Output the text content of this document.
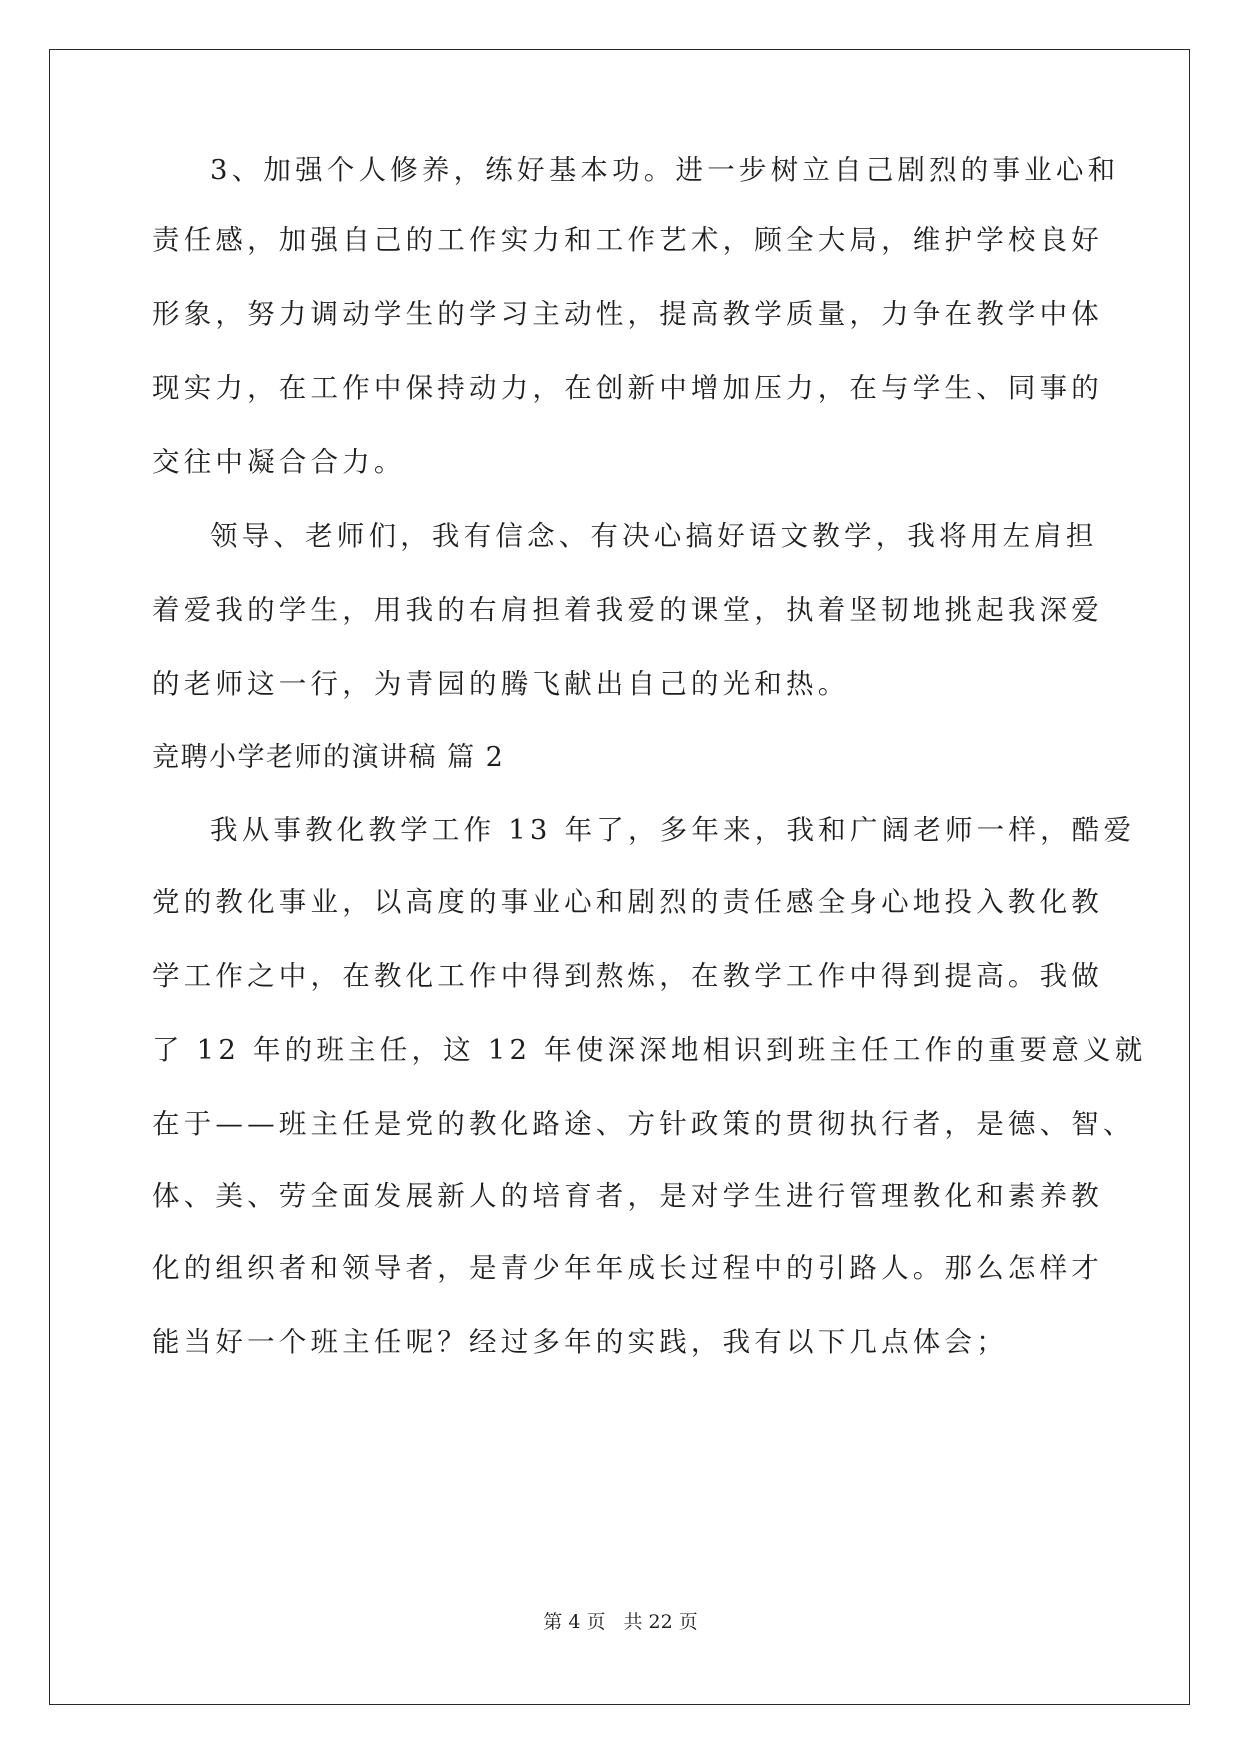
3、加强个人修养，练好基本功。进一步树立自己剧烈的事业心和
责任感，加强自己的工作实力和工作艺术，顾全大局，维护学校良好
形象，努力调动学生的学习主动性，提高教学质量，力争在教学中体
现实力，在工作中保持动力，在创新中增加压力，在与学生、同事的
交往中凝合合力。
领导、老师们，我有信念、有决心搞好语文教学，我将用左肩担
着爱我的学生，用我的右肩担着我爱的课堂，执着坚韧地挑起我深爱
的老师这一行，为青园的腾飞献出自己的光和热。
竞聘小学老师的演讲稿 篇 2
我从事教化教学工作 13 年了，多年来，我和广阔老师一样，酷爱
党的教化事业，以高度的事业心和剧烈的责任感全身心地投入教化教
学工作之中，在教化工作中得到熬炼，在教学工作中得到提高。我做
了 12 年的班主任，这 12 年使深深地相识到班主任工作的重要意义就
在于——班主任是党的教化路途、方针政策的贯彻执行者，是德、智、
体、美、劳全面发展新人的培育者，是对学生进行管理教化和素养教
化的组织者和领导者，是青少年年成长过程中的引路人。那么怎样才
能当好一个班主任呢？经过多年的实践，我有以下几点体会；
第 4 页 共 22 页
